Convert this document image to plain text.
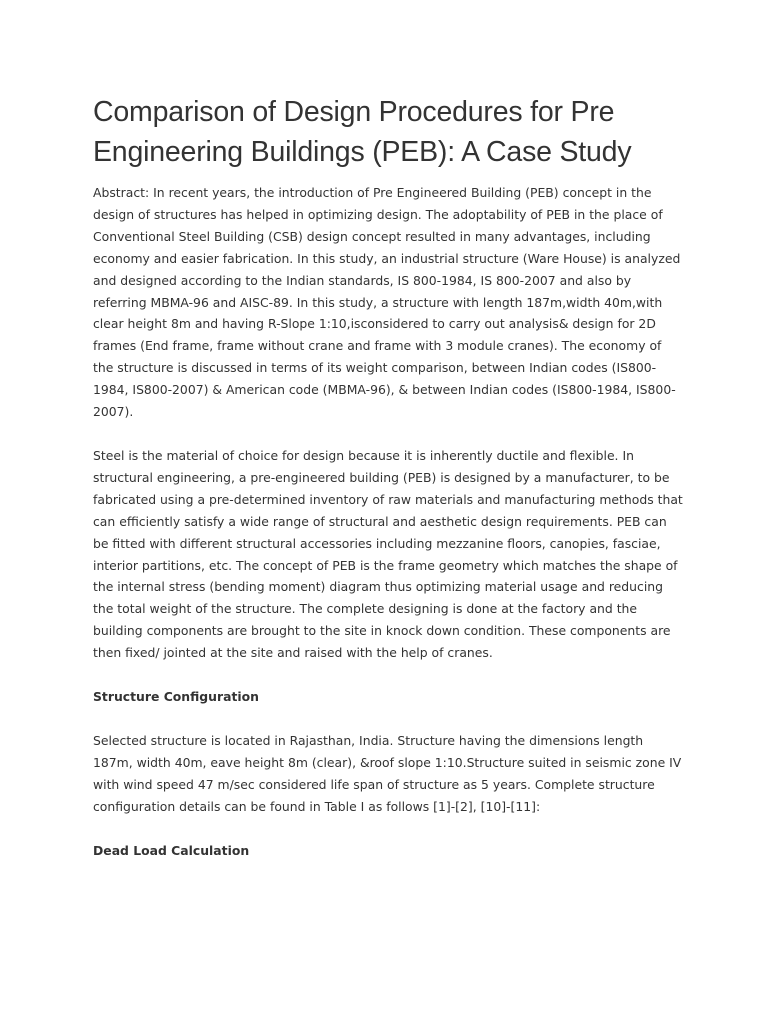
Comparison of Design Procedures for Pre Engineering Buildings (PEB): A Case Study

Abstract: In recent years, the introduction of Pre Engineered Building (PEB) concept in the design of structures has helped in optimizing design. The adoptability of PEB in the place of Conventional Steel Building (CSB) design concept resulted in many advantages, including economy and easier fabrication. In this study, an industrial structure (Ware House) is analyzed and designed according to the Indian standards, IS 800-1984, IS 800-2007 and also by referring MBMA-96 and AISC-89. In this study, a structure with length 187m,width 40m,with clear height 8m and having R-Slope 1:10,isconsidered to carry out analysis& design for 2D frames (End frame, frame without crane and frame with 3 module cranes). The economy of the structure is discussed in terms of its weight comparison, between Indian codes (IS800-1984, IS800-2007) & American code (MBMA-96), & between Indian codes (IS800-1984, IS800-2007).

Steel is the material of choice for design because it is inherently ductile and flexible. In structural engineering, a pre-engineered building (PEB) is designed by a manufacturer, to be fabricated using a pre-determined inventory of raw materials and manufacturing methods that can efficiently satisfy a wide range of structural and aesthetic design requirements. PEB can be fitted with different structural accessories including mezzanine floors, canopies, fasciae, interior partitions, etc. The concept of PEB is the frame geometry which matches the shape of the internal stress (bending moment) diagram thus optimizing material usage and reducing the total weight of the structure. The complete designing is done at the factory and the building components are brought to the site in knock down condition. These components are then fixed/ jointed at the site and raised with the help of cranes.

Structure Configuration

Selected structure is located in Rajasthan, India. Structure having the dimensions length 187m, width 40m, eave height 8m (clear), &roof slope 1:10.Structure suited in seismic zone IV with wind speed 47 m/sec considered life span of structure as 5 years. Complete structure configuration details can be found in Table I as follows [1]-[2], [10]-[11]:

Dead Load Calculation
